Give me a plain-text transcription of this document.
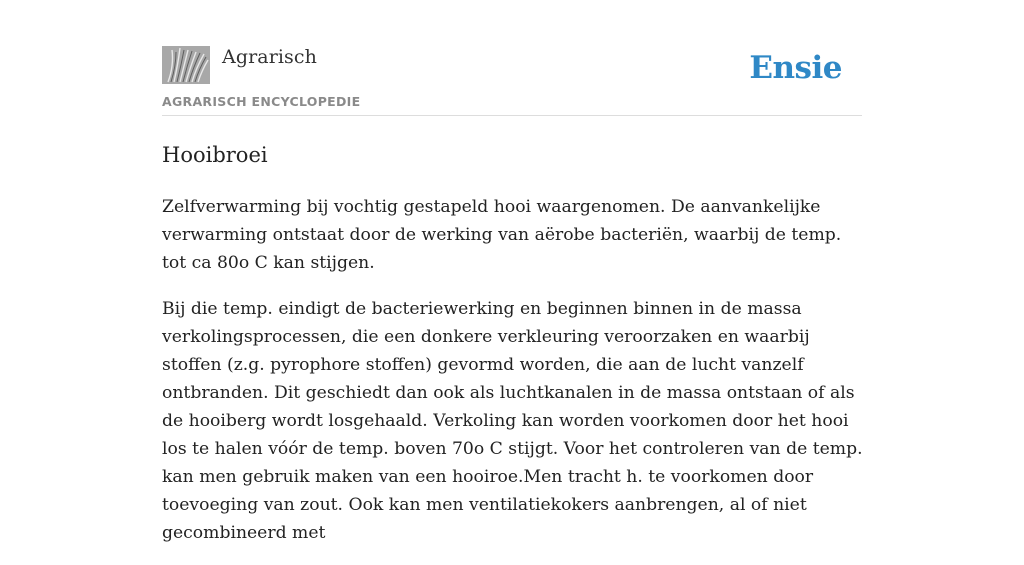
Agrarisch
AGRARISCH ENCYCLOPEDIE
Ensie
Hooibroei

Zelfverwarming bij vochtig gestapeld hooi waargenomen. De aanvankelijke verwarming ontstaat door de werking van aërobe bacteriën, waarbij de temp. tot ca 80o C kan stijgen.

Bij die temp. eindigt de bacteriewerking en beginnen binnen in de massa verkolingsprocessen, die een donkere verkleuring veroorzaken en waarbij stoffen (z.g. pyrophore stoffen) gevormd worden, die aan de lucht vanzelf ontbranden. Dit geschiedt dan ook als luchtkanalen in de massa ontstaan of als de hooiberg wordt losgehaald. Verkoling kan worden voorkomen door het hooi los te halen vóór de temp. boven 70o C stijgt. Voor het controleren van de temp. kan men gebruik maken van een hooiroe.Men tracht h. te voorkomen door toevoeging van zout. Ook kan men ventilatiekokers aanbrengen, al of niet gecombineerd met
